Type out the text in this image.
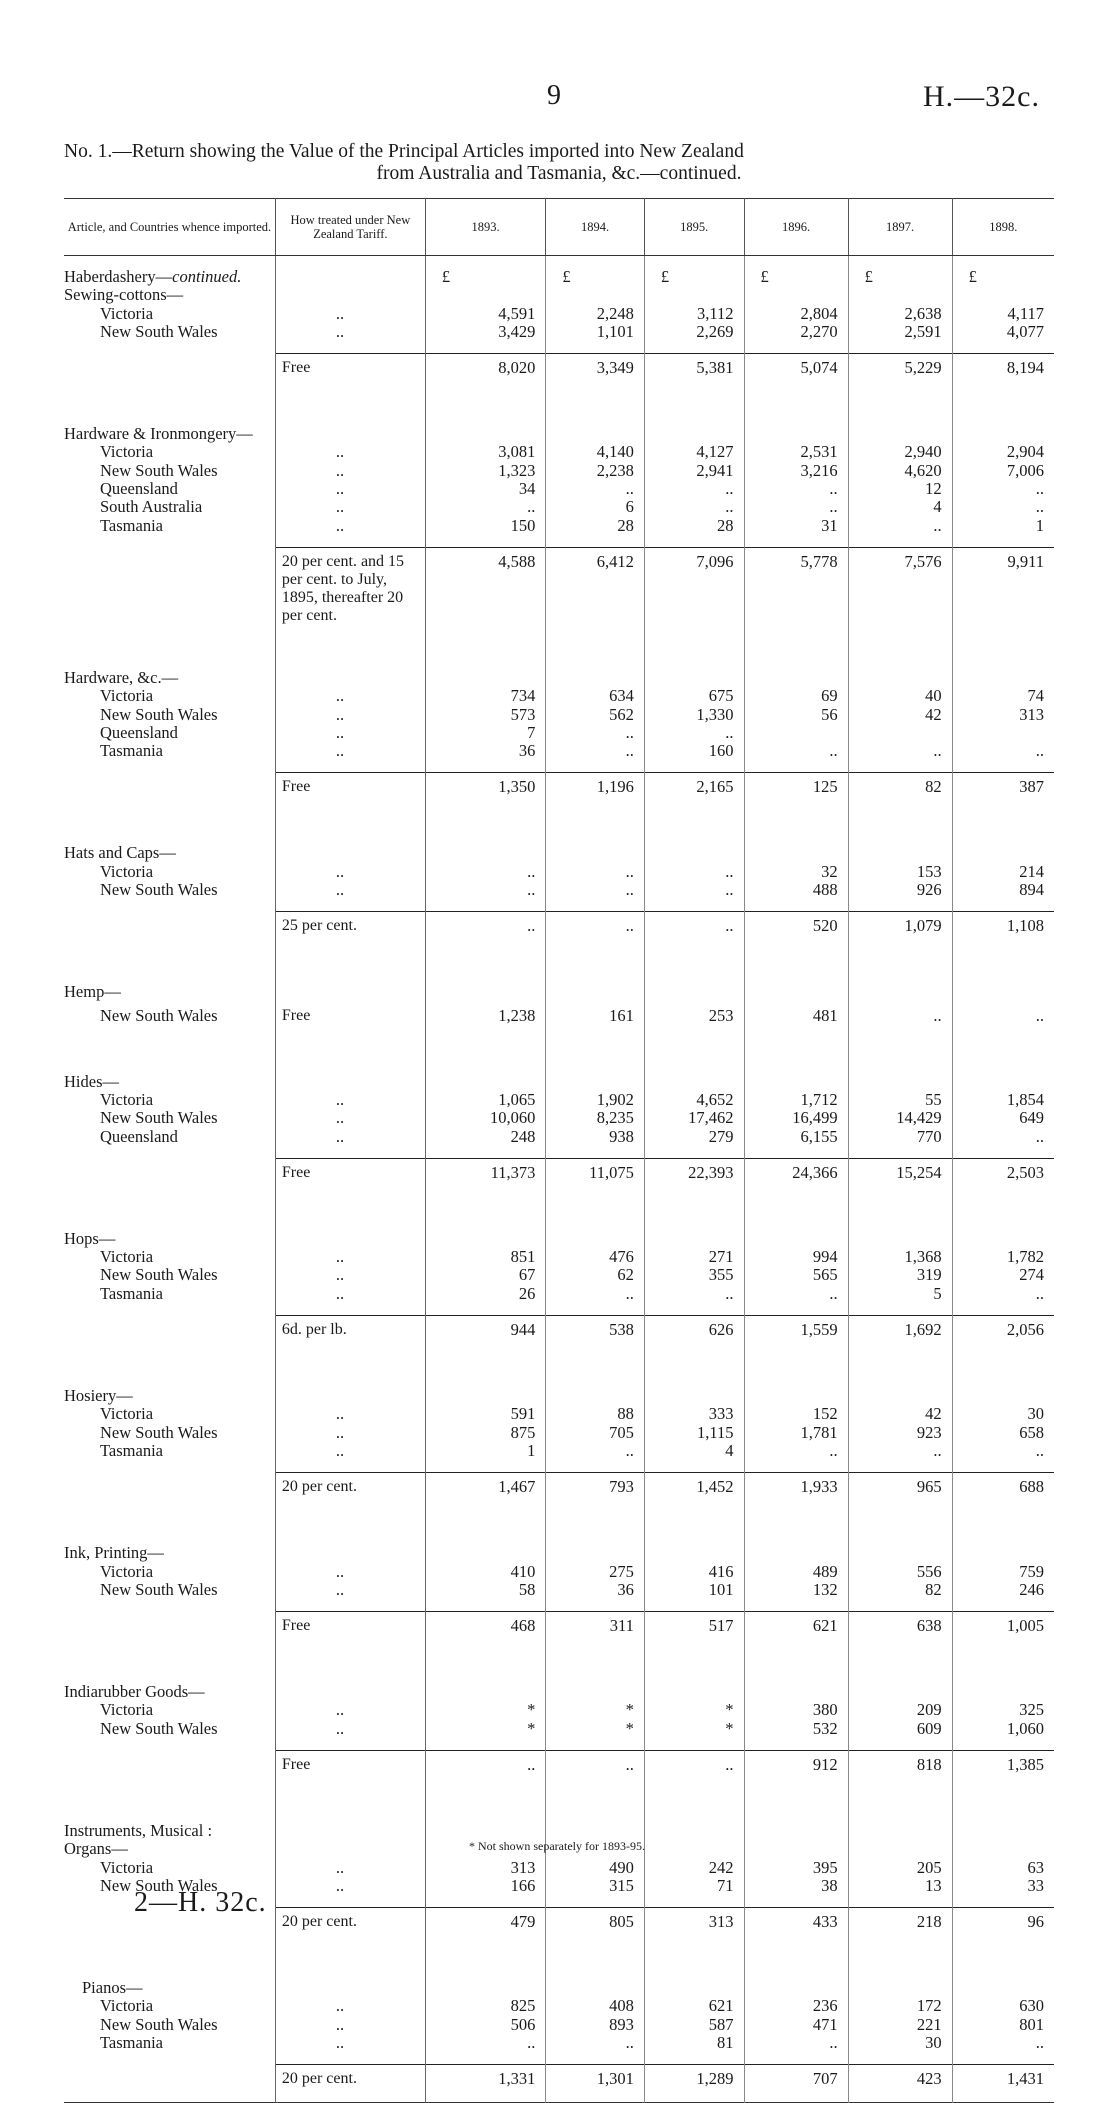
9	H.—32c.
No. 1.—Return showing the Value of the Principal Articles imported into New Zealand
from Australia and Tasmania, &c.—continued.
Article, and Countries whence imported.	How treated under New Zealand Tariff.	1893.	1894.	1895.	1896.	1897.	1898.

Haberdashery—continued.		£	£	£	£	£	£
Sewing-cottons—							
Victoria	..	4,591	2,248	3,112	2,804	2,638	4,117
New South Wales	..	3,429	1,101	2,269	2,270	2,591	4,077

	Free	8,020	3,349	5,381	5,074	5,229	8,194

Hardware & Ironmongery—							
Victoria	..	3,081	4,140	4,127	2,531	2,940	2,904
New South Wales	..	1,323	2,238	2,941	3,216	4,620	7,006
Queensland	..	34	..	..	..	12	..
South Australia	..	..	6	..	..	4	..
Tasmania	..	150	28	28	31	..	1

	20 per cent. and 15 per cent. to July, 1895, thereafter 20 per cent.	4,588	6,412	7,096	5,778	7,576	9,911

Hardware, &c.—							
Victoria	..	734	634	675	69	40	74
New South Wales	..	573	562	1,330	56	42	313
Queensland	..	7	..	..			
Tasmania	..	36	..	160	..	..	..

	Free	1,350	1,196	2,165	125	82	387

Hats and Caps—							
Victoria	..	..	..	..	32	153	214
New South Wales	..	..	..	..	488	926	894

	25 per cent.	..	..	..	520	1,079	1,108

Hemp—							
New South Wales	Free	1,238	161	253	481	..	..

Hides—							
Victoria	..	1,065	1,902	4,652	1,712	55	1,854
New South Wales	..	10,060	8,235	17,462	16,499	14,429	649
Queensland	..	248	938	279	6,155	770	..

	Free	11,373	11,075	22,393	24,366	15,254	2,503

Hops—							
Victoria	..	851	476	271	994	1,368	1,782
New South Wales	..	67	62	355	565	319	274
Tasmania	..	26	..	..	..	5	..

	6d. per lb.	944	538	626	1,559	1,692	2,056

Hosiery—							
Victoria	..	591	88	333	152	42	30
New South Wales	..	875	705	1,115	1,781	923	658
Tasmania	..	1	..	4	..	..	..

	20 per cent.	1,467	793	1,452	1,933	965	688

Ink, Printing—							
Victoria	..	410	275	416	489	556	759
New South Wales	..	58	36	101	132	82	246

	Free	468	311	517	621	638	1,005

Indiarubber Goods—							
Victoria	..	*	*	*	380	209	325
New South Wales	..	*	*	*	532	609	1,060

	Free	..	..	..	912	818	1,385

Instruments, Musical :							
Organs—							
Victoria	..	313	490	242	395	205	63
New South Wales	..	166	315	71	38	13	33

	20 per cent.	479	805	313	433	218	96

Pianos—							
Victoria	..	825	408	621	236	172	630
New South Wales	..	506	893	587	471	221	801
Tasmania	..	..	..	81	..	30	..

	20 per cent.	1,331	1,301	1,289	707	423	1,431

* Not shown separately for 1893-95.
2—H. 32c.
